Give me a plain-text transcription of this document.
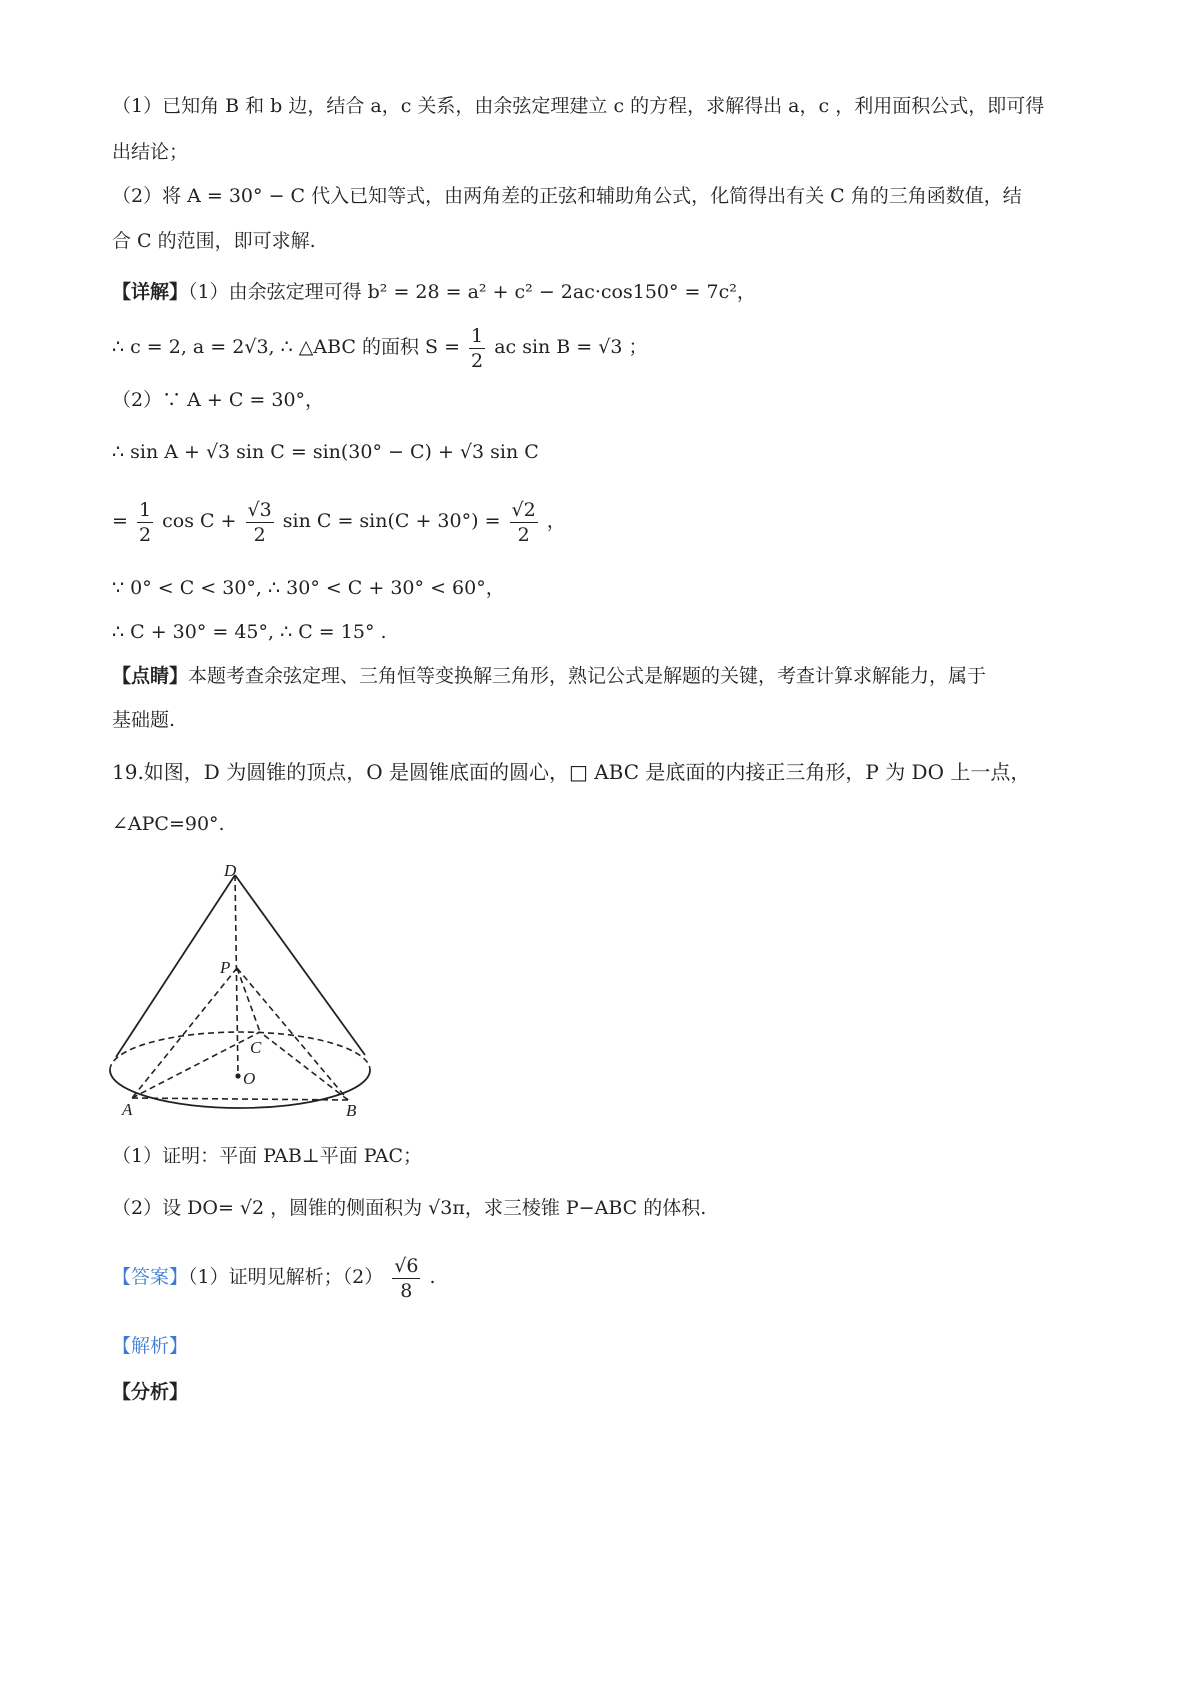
（1）已知角 B 和 b 边，结合 a，c 关系，由余弦定理建立 c 的方程，求解得出 a，c ，利用面积公式，即可得
出结论；
（2）将 A = 30° − C 代入已知等式，由两角差的正弦和辅助角公式，化简得出有关 C 角的三角函数值，结
合 C 的范围，即可求解.
【详解】（1）由余弦定理可得 b² = 28 = a² + c² − 2ac·cos150° = 7c²，
∴ c = 2, a = 2√3, ∴ △ABC 的面积 $S = \frac{1}{2}$ ac sin B = √3 ；
（2）∵ A + C = 30°，
∴ sin A + √3 sin C = sin(30° − C) + √3 sin C
= $\frac{1}{2}$ $\cos C + \frac{√3}{2}$ $\sin C = \sin(C + 30^\circ) = \frac{√2}{2}$ ，
∵ 0° < C < 30°, ∴ 30° < C + 30° < 60°，
∴ C + 30° = 45°, ∴ C = 15° .
【点睛】本题考查余弦定理、三角恒等变换解三角形，熟记公式是解题的关键，考查计算求解能力，属于
基础题.
19.如图，D 为圆锥的顶点，O 是圆锥底面的圆心，□ ABC 是底面的内接正三角形，P 为 DO 上一点，
∠APC=90°.
D
P
C
O
A	B
（1）证明：平面 PAB⊥平面 PAC；
（2）设 DO= √2 ，圆锥的侧面积为 √3π，求三棱锥 P−ABC 的体积.
【答案】（1）证明见解析；$(2) \frac{√6}{8}$ .
【解析】
【分析】
